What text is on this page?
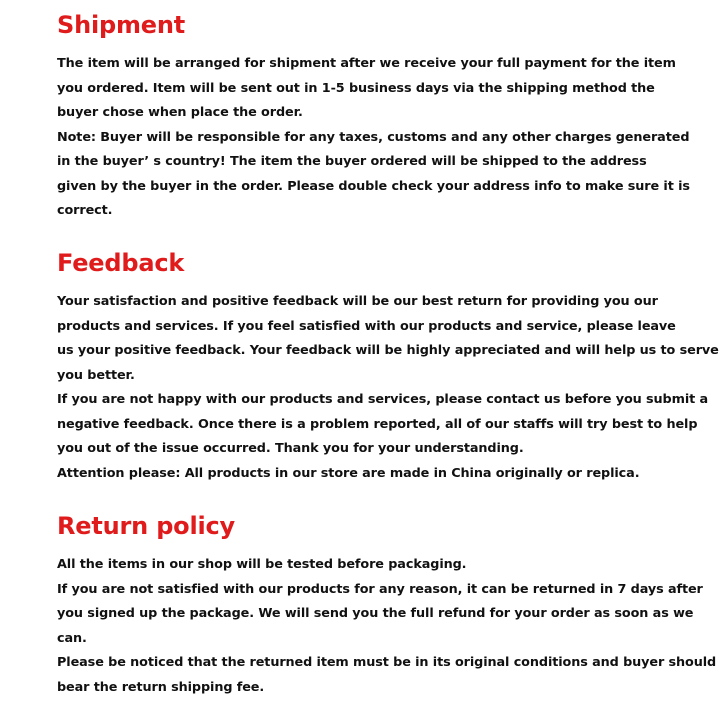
Shipment

The item will be arranged for shipment after we receive your full payment for the item

you ordered. Item will be sent out in 1-5 business days via the shipping method the

buyer chose when place the order.

Note: Buyer will be responsible for any taxes, customs and any other charges generated

in the buyer’ s country! The item the buyer ordered will be shipped to the address

given by the buyer in the order. Please double check your address info to make sure it is

correct.

Feedback

Your satisfaction and positive feedback will be our best return for providing you our

products and services. If you feel satisfied with our products and service, please leave

us your positive feedback. Your feedback will be highly appreciated and will help us to serve

you better.

If you are not happy with our products and services, please contact us before you submit a

negative feedback. Once there is a problem reported, all of our staffs will try best to help

you out of the issue occurred. Thank you for your understanding.

Attention please: All products in our store are made in China originally or replica.

Return policy

All the items in our shop will be tested before packaging.

If you are not satisfied with our products for any reason, it can be returned in 7 days after

you signed up the package. We will send you the full refund for your order as soon as we

can.

Please be noticed that the returned item must be in its original conditions and buyer should

bear the return shipping fee.
